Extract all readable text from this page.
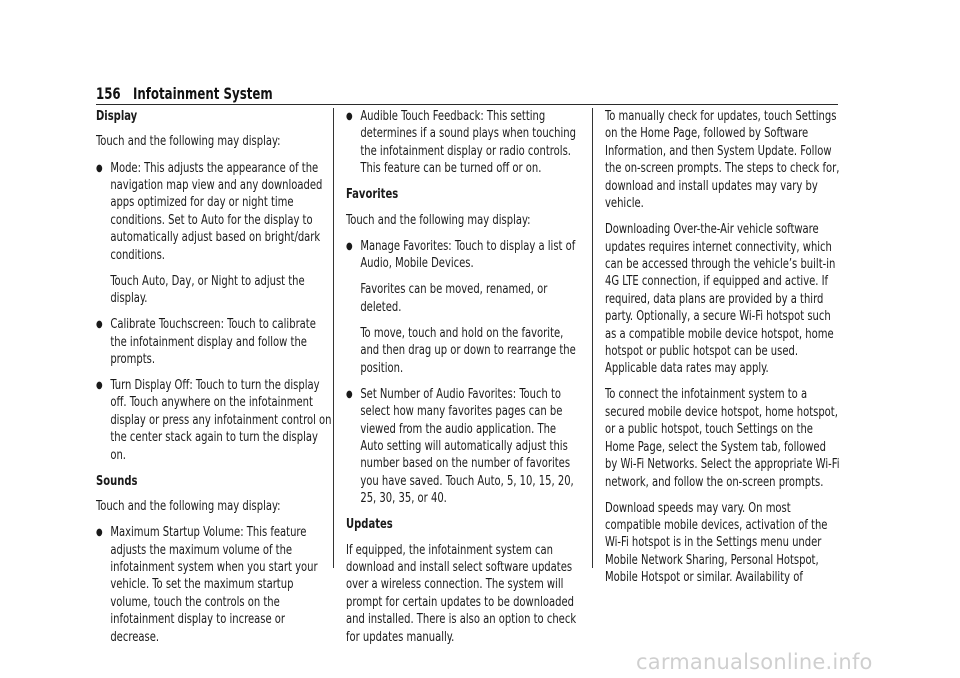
156 Infotainment System
Display

Touch and the following may display:

● Mode: This adjusts the appearance of the navigation map view and any downloaded apps optimized for day or night time conditions. Set to Auto for the display to automatically adjust based on bright/dark conditions.

Touch Auto, Day, or Night to adjust the display.

● Calibrate Touchscreen: Touch to calibrate the infotainment display and follow the prompts.
● Turn Display Off: Touch to turn the display off. Touch anywhere on the infotainment display or press any infotainment control on the center stack again to turn the display on.
Sounds

Touch and the following may display:

● Maximum Startup Volume: This feature adjusts the maximum volume of the infotainment system when you start your vehicle. To set the maximum startup volume, touch the controls on the infotainment display to increase or decrease.
● Audible Touch Feedback: This setting determines if a sound plays when touching the infotainment display or radio controls. This feature can be turned off or on.
Favorites

Touch and the following may display:

● Manage Favorites: Touch to display a list of Audio, Mobile Devices.

Favorites can be moved, renamed, or deleted.

To move, touch and hold on the favorite, and then drag up or down to rearrange the position.

● Set Number of Audio Favorites: Touch to select how many favorites pages can be viewed from the audio application. The Auto setting will automatically adjust this number based on the number of favorites you have saved. Touch Auto, 5, 10, 15, 20, 25, 30, 35, or 40.
Updates

If equipped, the infotainment system can download and install select software updates over a wireless connection. The system will prompt for certain updates to be downloaded and installed. There is also an option to check for updates manually.

To manually check for updates, touch Settings on the Home Page, followed by Software Information, and then System Update. Follow the on-screen prompts. The steps to check for, download and install updates may vary by vehicle.

Downloading Over-the-Air vehicle software updates requires internet connectivity, which can be accessed through the vehicle’s built-in 4G LTE connection, if equipped and active. If required, data plans are provided by a third party. Optionally, a secure Wi-Fi hotspot such as a compatible mobile device hotspot, home hotspot or public hotspot can be used. Applicable data rates may apply.

To connect the infotainment system to a secured mobile device hotspot, home hotspot, or a public hotspot, touch Settings on the Home Page, select the System tab, followed by Wi-Fi Networks. Select the appropriate Wi-Fi network, and follow the on-screen prompts.

Download speeds may vary. On most compatible mobile devices, activation of the Wi-Fi hotspot is in the Settings menu under Mobile Network Sharing, Personal Hotspot, Mobile Hotspot or similar. Availability of

carmanualsonline.info
